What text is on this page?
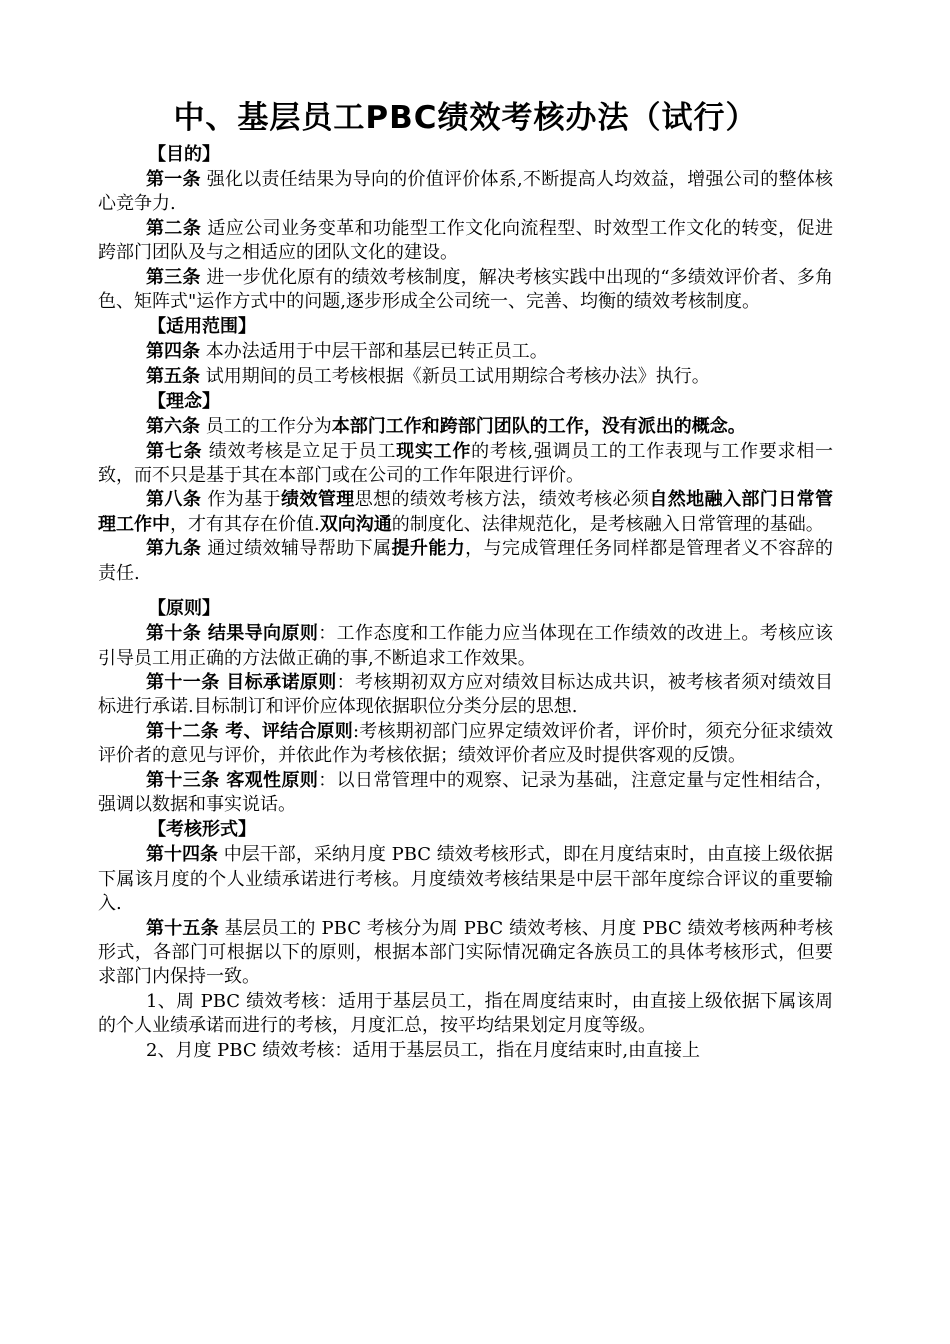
中、基层员工PBC绩效考核办法（试行）
【目的】

第一条 强化以责任结果为导向的价值评价体系,不断提高人均效益，增强公司的整体核心竞争力.

第二条 适应公司业务变革和功能型工作文化向流程型、时效型工作文化的转变，促进跨部门团队及与之相适应的团队文化的建设。

第三条 进一步优化原有的绩效考核制度，解决考核实践中出现的“多绩效评价者、多角色、矩阵式"运作方式中的问题,逐步形成全公司统一、完善、均衡的绩效考核制度。

【适用范围】

第四条 本办法适用于中层干部和基层已转正员工。

第五条 试用期间的员工考核根据《新员工试用期综合考核办法》执行。

【理念】

第六条 员工的工作分为本部门工作和跨部门团队的工作，没有派出的概念。

第七条 绩效考核是立足于员工现实工作的考核,强调员工的工作表现与工作要求相一致，而不只是基于其在本部门或在公司的工作年限进行评价。

第八条 作为基于绩效管理思想的绩效考核方法，绩效考核必须自然地融入部门日常管理工作中，才有其存在价值.双向沟通的制度化、法律规范化，是考核融入日常管理的基础。

第九条 通过绩效辅导帮助下属提升能力，与完成管理任务同样都是管理者义不容辞的责任.

【原则】

第十条 结果导向原则：工作态度和工作能力应当体现在工作绩效的改进上。考核应该引导员工用正确的方法做正确的事,不断追求工作效果。

第十一条 目标承诺原则：考核期初双方应对绩效目标达成共识，被考核者须对绩效目标进行承诺.目标制订和评价应体现依据职位分类分层的思想.

第十二条 考、评结合原则:考核期初部门应界定绩效评价者，评价时，须充分征求绩效评价者的意见与评价，并依此作为考核依据；绩效评价者应及时提供客观的反馈。

第十三条 客观性原则：以日常管理中的观察、记录为基础，注意定量与定性相结合，强调以数据和事实说话。

【考核形式】

第十四条 中层干部，采纳月度 PBC 绩效考核形式，即在月度结束时，由直接上级依据下属该月度的个人业绩承诺进行考核。月度绩效考核结果是中层干部年度综合评议的重要输入.

第十五条 基层员工的 PBC 考核分为周 PBC 绩效考核、月度 PBC 绩效考核两种考核形式，各部门可根据以下的原则，根据本部门实际情况确定各族员工的具体考核形式，但要求部门内保持一致。

1、周 PBC 绩效考核：适用于基层员工，指在周度结束时，由直接上级依据下属该周的个人业绩承诺而进行的考核，月度汇总，按平均结果划定月度等级。

2、月度 PBC 绩效考核：适用于基层员工，指在月度结束时,由直接上
